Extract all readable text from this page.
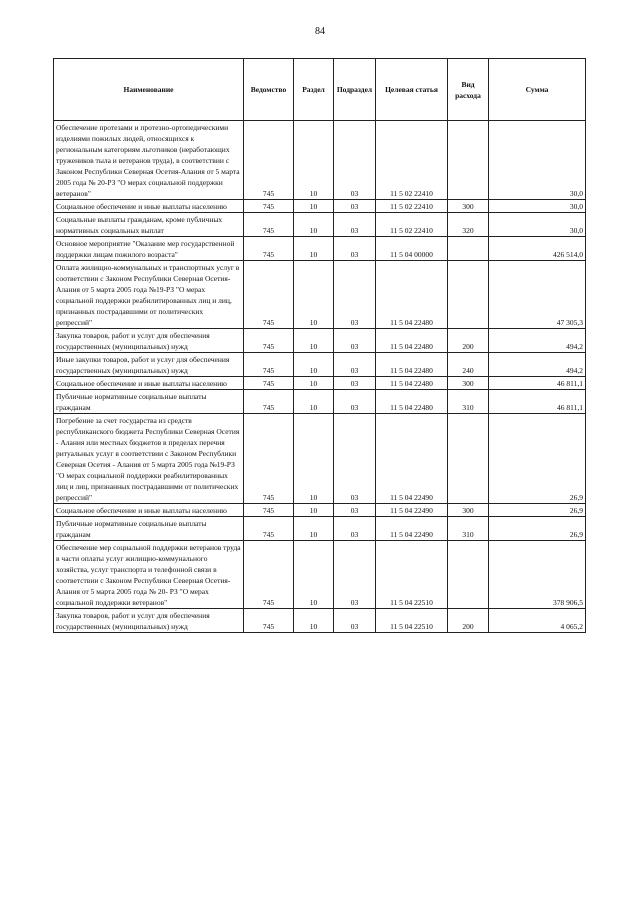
84
Наименование	Ведомство	Раздел	Подраздел	Целевая статья	Вид расхода	Сумма
Обеспечение протезами и протезно-ортопедическими изделиями пожилых людей, относящихся к региональным категориям льготников (неработающих тружеников тыла и ветеранов труда), в соответствии с Законом Республики Северная Осетия-Алания от 5 марта 2005 года № 20-РЗ "О мерах социальной поддержки ветеранов"	745	10	03	11 5 02 22410		30,0
Социальное обеспечение и иные выплаты населению	745	10	03	11 5 02 22410	300	30,0
Социальные выплаты гражданам, кроме публичных нормативных социальных выплат	745	10	03	11 5 02 22410	320	30,0
Основное мероприятие "Оказание мер государственной поддержки лицам пожилого возраста"	745	10	03	11 5 04 00000		426 514,0
Оплата жилищно-коммунальных и транспортных услуг в соответствии с Законом Республики Северная Осетия-Алания от 5 марта 2005 года №19-РЗ "О мерах социальной поддержки реабилитированных лиц и лиц, признанных пострадавшими от политических репрессий"	745	10	03	11 5 04 22480		47 305,3
Закупка товаров, работ и услуг для обеспечения государственных (муниципальных) нужд	745	10	03	11 5 04 22480	200	494,2
Иные закупки товаров, работ и услуг для обеспечения государственных (муниципальных) нужд	745	10	03	11 5 04 22480	240	494,2
Социальное обеспечение и иные выплаты населению	745	10	03	11 5 04 22480	300	46 811,1
Публичные нормативные социальные выплаты гражданам	745	10	03	11 5 04 22480	310	46 811,1
Погребение за счет государства из средств республиканского бюджета Республики Северная Осетия - Алания или местных бюджетов в пределах перечня ритуальных услуг в соответствии с Законом Республики Северная Осетия - Алания от 5 марта 2005 года №19-РЗ "О мерах социальной поддержки реабилитированных лиц и лиц, признанных пострадавшими от политических репрессий"	745	10	03	11 5 04 22490		26,9
Социальное обеспечение и иные выплаты населению	745	10	03	11 5 04 22490	300	26,9
Публичные нормативные социальные выплаты гражданам	745	10	03	11 5 04 22490	310	26,9
Обеспечение мер социальной поддержки ветеранов труда в части оплаты услуг жилищно-коммунального хозяйства, услуг транспорта и телефонной связи в соответствии с Законом Республики Северная Осетия-Алания от 5 марта 2005 года № 20- РЗ "О мерах социальной поддержки ветеранов"	745	10	03	11 5 04 22510		378 906,5
Закупка товаров, работ и услуг для обеспечения государственных (муниципальных) нужд	745	10	03	11 5 04 22510	200	4 065,2
